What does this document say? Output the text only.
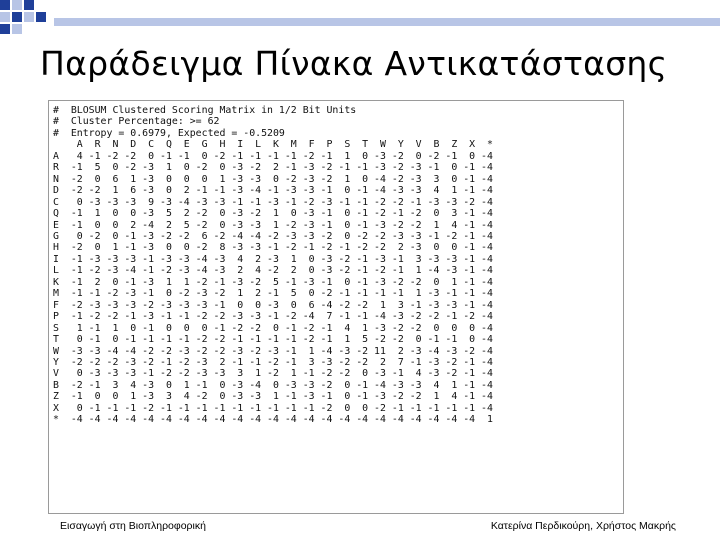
Παράδειγμα Πίνακα Αντικατάστασης
#  BLOSUM Clustered Scoring Matrix in 1/2 Bit Units
#  Cluster Percentage: >= 62
#  Entropy = 0.6979, Expected = -0.5209
A  R  N  D  C  Q  E  G  H  I  L  K  M  F  P  S  T  W  Y  V  B  Z  X  *
A   4 -1 -2 -2  0 -1 -1  0 -2 -1 -1 -1 -1 -2 -1  1  0 -3 -2  0 -2 -1  0 -4
R  -1  5  0 -2 -3  1  0 -2  0 -3 -2  2 -1 -3 -2 -1 -1 -3 -2 -3 -1  0 -1 -4
N  -2  0  6  1 -3  0  0  0  1 -3 -3  0 -2 -3 -2  1  0 -4 -2 -3  3  0 -1 -4
D  -2 -2  1  6 -3  0  2 -1 -1 -3 -4 -1 -3 -3 -1  0 -1 -4 -3 -3  4  1 -1 -4
C   0 -3 -3 -3  9 -3 -4 -3 -3 -1 -1 -3 -1 -2 -3 -1 -1 -2 -2 -1 -3 -3 -2 -4
Q  -1  1  0  0 -3  5  2 -2  0 -3 -2  1  0 -3 -1  0 -1 -2 -1 -2  0  3 -1 -4
E  -1  0  0  2 -4  2  5 -2  0 -3 -3  1 -2 -3 -1  0 -1 -3 -2 -2  1  4 -1 -4
G   0 -2  0 -1 -3 -2 -2  6 -2 -4 -4 -2 -3 -3 -2  0 -2 -2 -3 -3 -1 -2 -1 -4
H  -2  0  1 -1 -3  0  0 -2  8 -3 -3 -1 -2 -1 -2 -1 -2 -2  2 -3  0  0 -1 -4
I  -1 -3 -3 -3 -1 -3 -3 -4 -3  4  2 -3  1  0 -3 -2 -1 -3 -1  3 -3 -3 -1 -4
L  -1 -2 -3 -4 -1 -2 -3 -4 -3  2  4 -2  2  0 -3 -2 -1 -2 -1  1 -4 -3 -1 -4
K  -1  2  0 -1 -3  1  1 -2 -1 -3 -2  5 -1 -3 -1  0 -1 -3 -2 -2  0  1 -1 -4
M  -1 -1 -2 -3 -1  0 -2 -3 -2  1  2 -1  5  0 -2 -1 -1 -1 -1  1 -3 -1 -1 -4
F  -2 -3 -3 -3 -2 -3 -3 -3 -1  0  0 -3  0  6 -4 -2 -2  1  3 -1 -3 -3 -1 -4
P  -1 -2 -2 -1 -3 -1 -1 -2 -2 -3 -3 -1 -2 -4  7 -1 -1 -4 -3 -2 -2 -1 -2 -4
S   1 -1  1  0 -1  0  0  0 -1 -2 -2  0 -1 -2 -1  4  1 -3 -2 -2  0  0  0 -4
T   0 -1  0 -1 -1 -1 -1 -2 -2 -1 -1 -1 -1 -2 -1  1  5 -2 -2  0 -1 -1  0 -4
W  -3 -3 -4 -4 -2 -2 -3 -2 -2 -3 -2 -3 -1  1 -4 -3 -2 11  2 -3 -4 -3 -2 -4
Y  -2 -2 -2 -3 -2 -1 -2 -3  2 -1 -1 -2 -1  3 -3 -2 -2  2  7 -1 -3 -2 -1 -4
V   0 -3 -3 -3 -1 -2 -2 -3 -3  3  1 -2  1 -1 -2 -2  0 -3 -1  4 -3 -2 -1 -4
B  -2 -1  3  4 -3  0  1 -1  0 -3 -4  0 -3 -3 -2  0 -1 -4 -3 -3  4  1 -1 -4
Z  -1  0  0  1 -3  3  4 -2  0 -3 -3  1 -1 -3 -1  0 -1 -3 -2 -2  1  4 -1 -4
X   0 -1 -1 -1 -2 -1 -1 -1 -1 -1 -1 -1 -1 -1 -2  0  0 -2 -1 -1 -1 -1 -1 -4
*  -4 -4 -4 -4 -4 -4 -4 -4 -4 -4 -4 -4 -4 -4 -4 -4 -4 -4 -4 -4 -4 -4 -4  1
Εισαγωγή στη Βιοπληροφορική	Κατερίνα Περδικούρη, Χρήστος Μακρής
